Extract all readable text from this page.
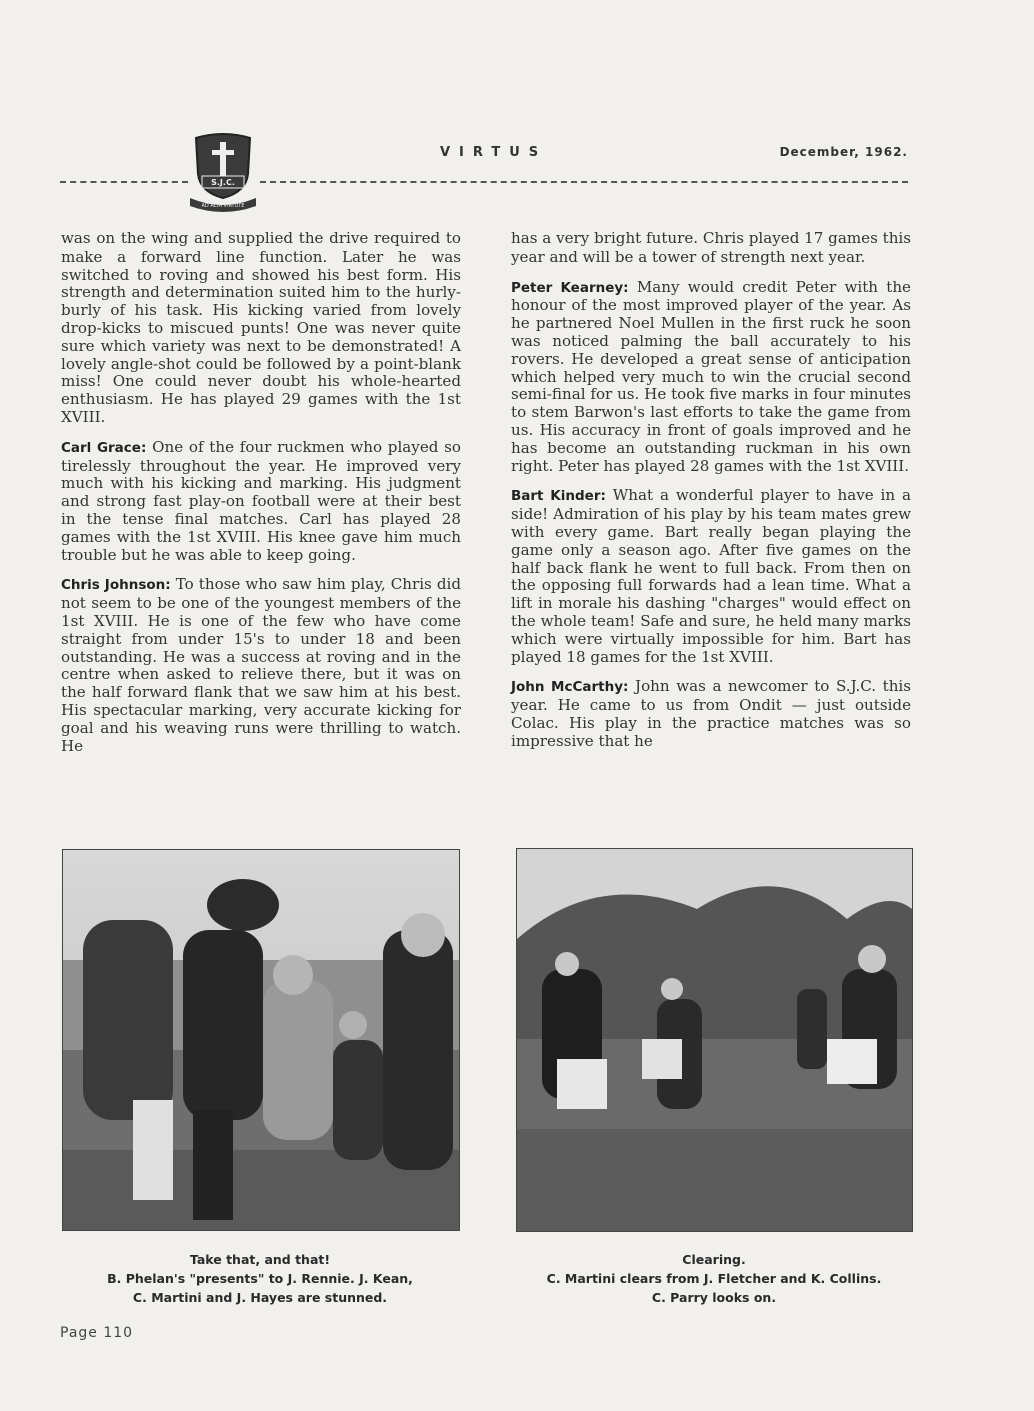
S.J.C.
AD ALTA VIRTUTE
VIRTUS	December, 1962.

was on the wing and supplied the drive required to make a forward line function. Later he was switched to roving and showed his best form. His strength and determination suited him to the hurly-burly of his task. His kicking varied from lovely drop-kicks to miscued punts! One was never quite sure which variety was next to be demonstrated! A lovely angle-shot could be followed by a point-blank miss! One could never doubt his whole-hearted enthusiasm. He has played 29 games with the 1st XVIII.

Carl Grace: One of the four ruckmen who played so tirelessly throughout the year. He improved very much with his kicking and marking. His judgment and strong fast play-on football were at their best in the tense final matches. Carl has played 28 games with the 1st XVIII. His knee gave him much trouble but he was able to keep going.

Chris Johnson: To those who saw him play, Chris did not seem to be one of the youngest members of the 1st XVIII. He is one of the few who have come straight from under 15's to under 18 and been outstanding. He was a success at roving and in the centre when asked to relieve there, but it was on the half forward flank that we saw him at his best. His spectacular marking, very accurate kicking for goal and his weaving runs were thrilling to watch. He

has a very bright future. Chris played 17 games this year and will be a tower of strength next year.

Peter Kearney: Many would credit Peter with the honour of the most improved player of the year. As he partnered Noel Mullen in the first ruck he soon was noticed palming the ball accurately to his rovers. He developed a great sense of anticipation which helped very much to win the crucial second semi-final for us. He took five marks in four minutes to stem Barwon's last efforts to take the game from us. His accuracy in front of goals improved and he has become an outstanding ruckman in his own right. Peter has played 28 games with the 1st XVIII.

Bart Kinder: What a wonderful player to have in a side! Admiration of his play by his team mates grew with every game. Bart really began playing the game only a season ago. After five games on the half back flank he went to full back. From then on the opposing full forwards had a lean time. What a lift in morale his dashing "charges" would effect on the whole team! Safe and sure, he held many marks which were virtually impossible for him. Bart has played 18 games for the 1st XVIII.

John McCarthy: John was a newcomer to S.J.C. this year. He came to us from Ondit — just outside Colac. His play in the practice matches was so impressive that he

Take that, and that!
B. Phelan's "presents" to J. Rennie. J. Kean,
C. Martini and J. Hayes are stunned.
Clearing.
C. Martini clears from J. Fletcher and K. Collins.
C. Parry looks on.
Page 110
